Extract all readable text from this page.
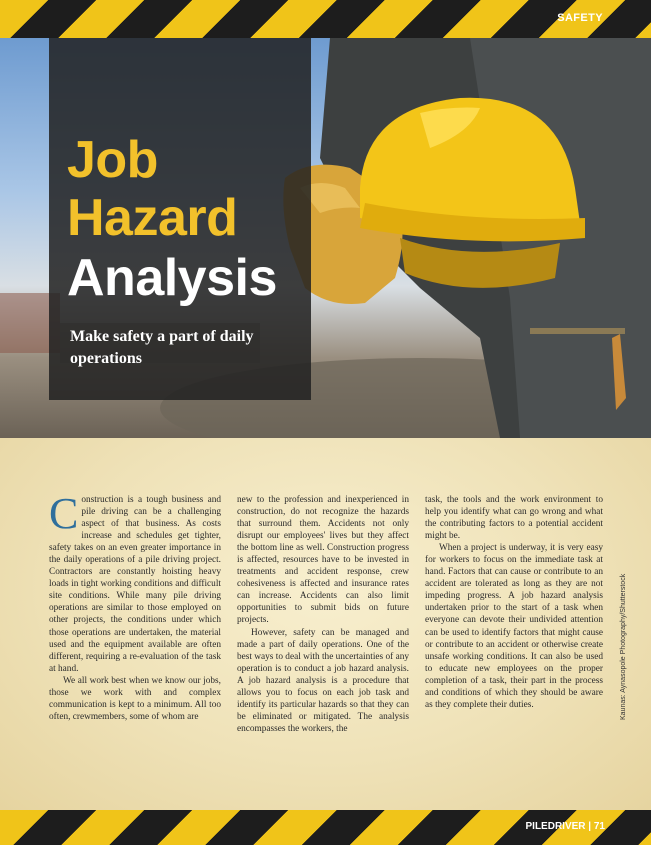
SAFETY
Job
Hazard
Analysis
Make safety a part of daily operations

Construction is a tough business and pile driving can be a challenging aspect of that business. As costs increase and schedules get tighter, safety takes on an even greater importance in the daily operations of a pile driving project. Contractors are constantly hoisting heavy loads in tight working conditions and difficult site conditions. While many pile driving operations are similar to those employed on other projects, the conditions under which those operations are undertaken, the material used and the equipment available are often different, requiring a re-evaluation of the task at hand.

We all work best when we know our jobs, those we work with and complex communication is kept to a minimum. All too often, crewmembers, some of whom are

new to the profession and inexperienced in construction, do not recognize the hazards that surround them. Accidents not only disrupt our employees' lives but they affect the bottom line as well. Construction progress is affected, resources have to be invested in treatments and accident response, crew cohesiveness is affected and insurance rates can increase. Accidents can also limit opportunities to submit bids on future projects.

However, safety can be managed and made a part of daily operations. One of the best ways to deal with the uncertainties of any operation is to conduct a job hazard analysis. A job hazard analysis is a procedure that allows you to focus on each job task and identify its particular hazards so that they can be eliminated or mitigated. The analysis encompasses the workers, the

task, the tools and the work environment to help you identify what can go wrong and what the contributing factors to a potential accident might be.

When a project is underway, it is very easy for workers to focus on the immediate task at hand. Factors that can cause or contribute to an accident are tolerated as long as they are not impeding progress. A job hazard analysis undertaken prior to the start of a task when everyone can devote their undivided attention can be used to identify factors that might cause or contribute to an accident or otherwise create unsafe working conditions. It can also be used to educate new employees on the proper completion of a task, their part in the process and conditions of which they should be aware as they complete their duties.	Kaunas: Aynasopole Photography/Shutterstock
PILEDRIVER | 71
